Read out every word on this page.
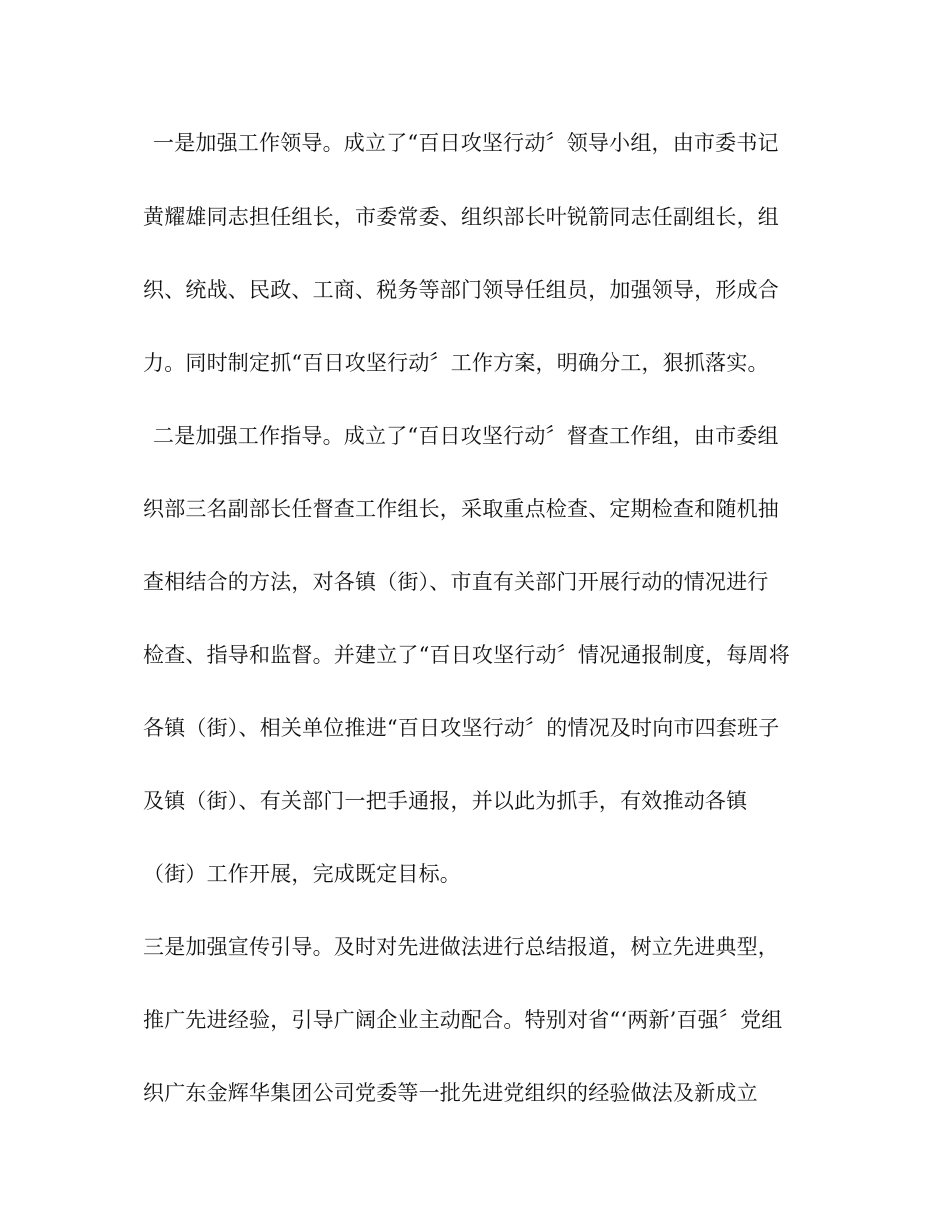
一是加强工作领导。成立了“百日攻坚行动〞领导小组，由市委书记
黄耀雄同志担任组长，市委常委、组织部长叶锐箭同志任副组长，组
织、统战、民政、工商、税务等部门领导任组员，加强领导，形成合
力。同时制定抓“百日攻坚行动〞工作方案，明确分工，狠抓落实。
二是加强工作指导。成立了“百日攻坚行动〞督查工作组，由市委组
织部三名副部长任督查工作组长，采取重点检查、定期检查和随机抽
查相结合的方法，对各镇（街）、市直有关部门开展行动的情况进行
检查、指导和监督。并建立了“百日攻坚行动〞情况通报制度，每周将
各镇（街）、相关单位推进“百日攻坚行动〞的情况及时向市四套班子
及镇（街）、有关部门一把手通报，并以此为抓手，有效推动各镇
（街）工作开展，完成既定目标。
三是加强宣传引导。及时对先进做法进行总结报道，树立先进典型，
推广先进经验，引导广阔企业主动配合。特别对省“‘两新’百强〞党组
织广东金辉华集团公司党委等一批先进党组织的经验做法及新成立
